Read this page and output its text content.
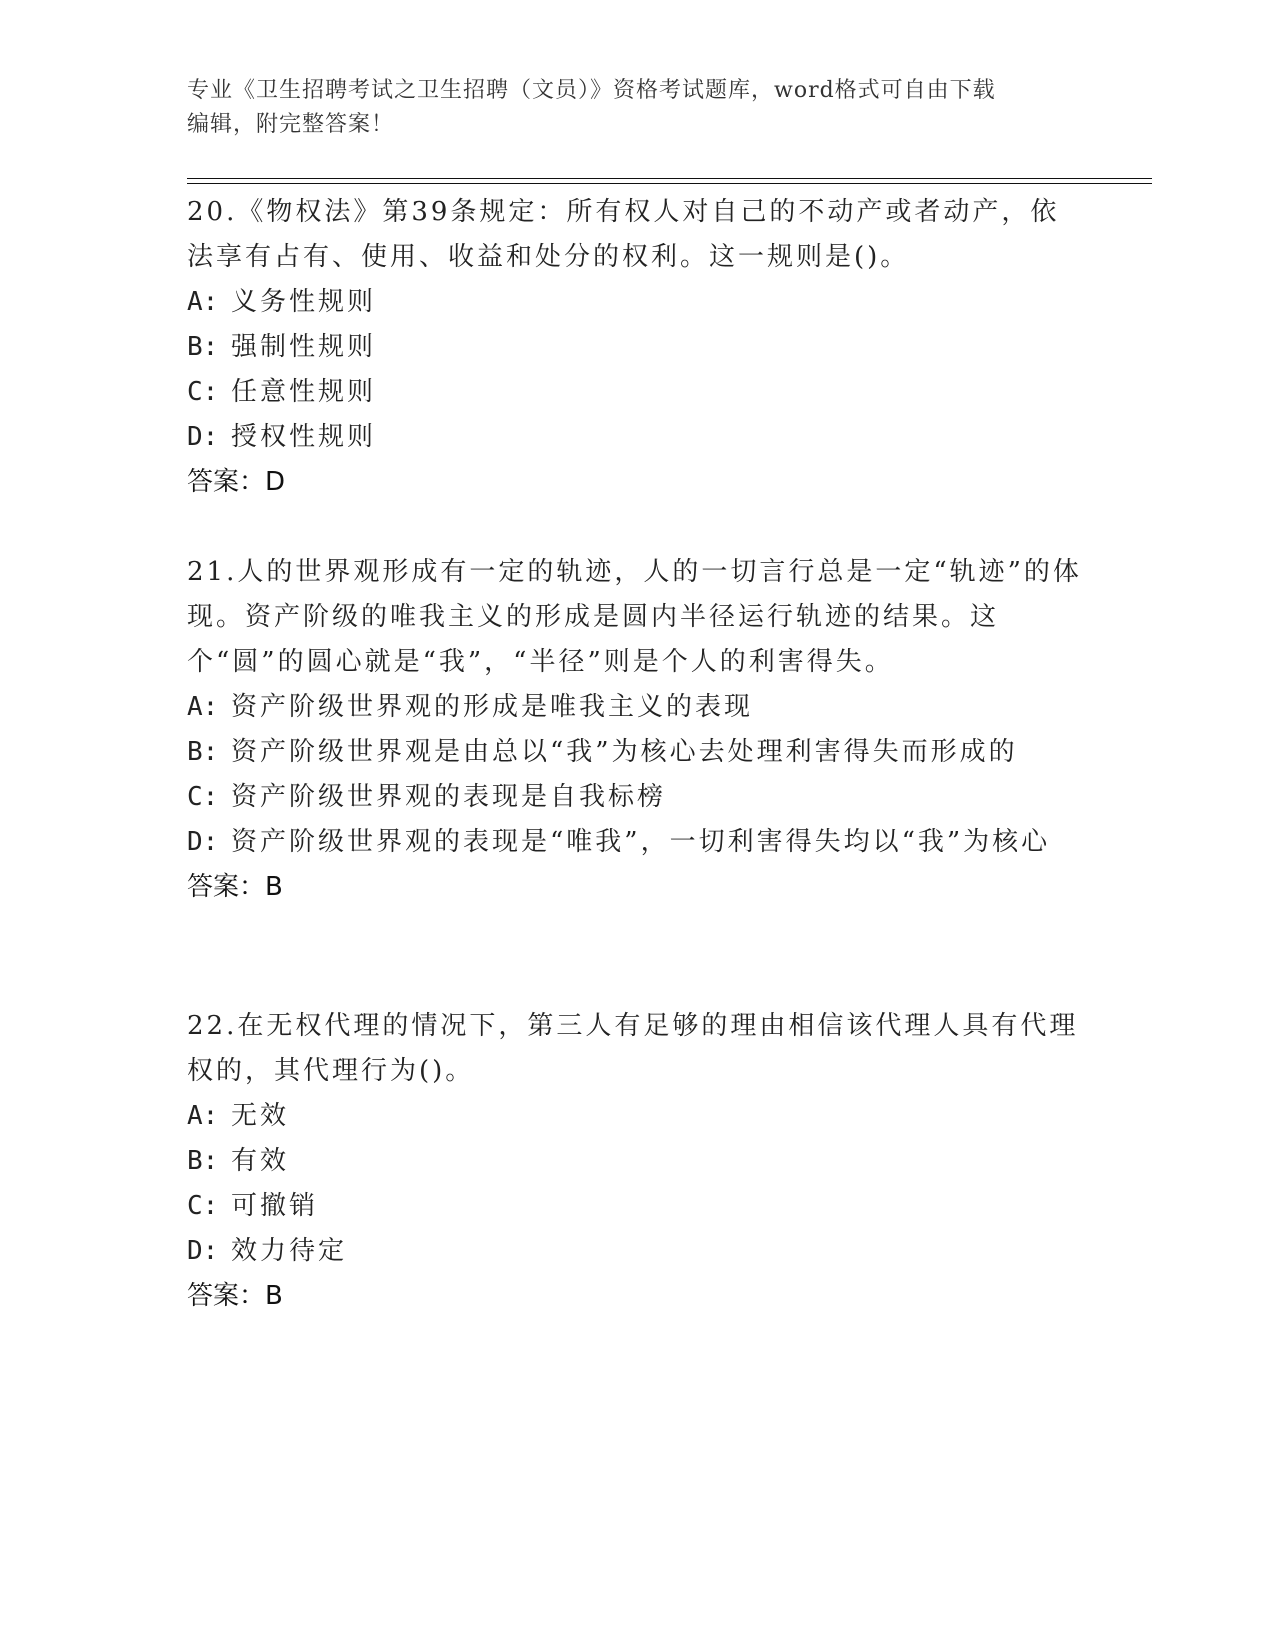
专业《卫生招聘考试之卫生招聘（文员）》资格考试题库，word格式可自由下载
编辑，附完整答案！

20.《物权法》第39条规定：所有权人对自己的不动产或者动产，依法享有占有、使用、收益和处分的权利。这一规则是()。

A: 义务性规则
B: 强制性规则
C: 任意性规则
D: 授权性规则

答案：D

21.人的世界观形成有一定的轨迹，人的一切言行总是一定“轨迹”的体现。资产阶级的唯我主义的形成是圆内半径运行轨迹的结果。这个“圆”的圆心就是“我”，“半径”则是个人的利害得失。

A: 资产阶级世界观的形成是唯我主义的表现
B: 资产阶级世界观是由总以“我”为核心去处理利害得失而形成的
C: 资产阶级世界观的表现是自我标榜
D: 资产阶级世界观的表现是“唯我”，一切利害得失均以“我”为核心

答案：B

22.在无权代理的情况下，第三人有足够的理由相信该代理人具有代理权的，其代理行为()。

A: 无效
B: 有效
C: 可撤销
D: 效力待定

答案：B
